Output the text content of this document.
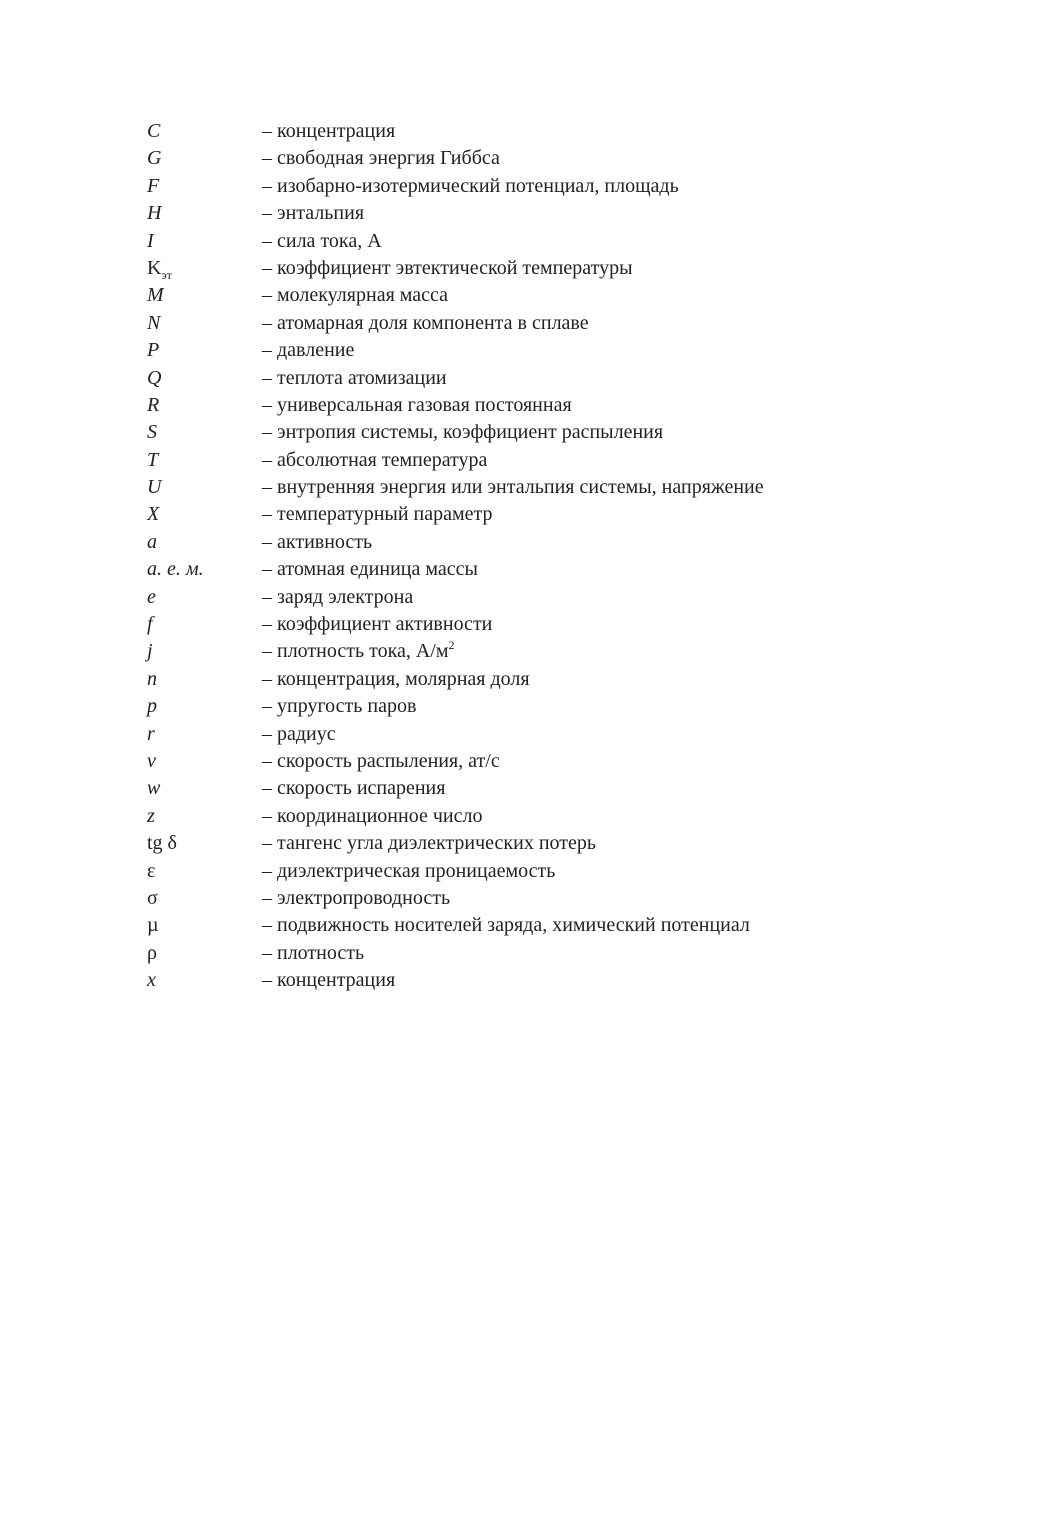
C	– концентрация
G	– свободная энергия Гиббса
F	– изобарно-изотермический потенциал, площадь
H	– энтальпия
I	– сила тока, А
$K_{эт}$	– коэффициент эвтектической температуры
M	– молекулярная масса
N	– атомарная доля компонента в сплаве
P	– давление
Q	– теплота атомизации
R	– универсальная газовая постоянная
S	– энтропия системы, коэффициент распыления
T	– абсолютная температура
U	– внутренняя энергия или энтальпия системы, напряжение
X	– температурный параметр
a	– активность
а. е. м.	– атомная единица массы
e	– заряд электрона
f	– коэффициент активности
j	– плотность тока, $А/м^2$
n	– концентрация, молярная доля
p	– упругость паров
r	– радиус
v	– скорость распыления, ат/с
w	– скорость испарения
z	– координационное число
tg δ	– тангенс угла диэлектрических потерь
ε	– диэлектрическая проницаемость
σ	– электропроводность
µ	– подвижность носителей заряда, химический потенциал
ρ	– плотность
x	– концентрация
